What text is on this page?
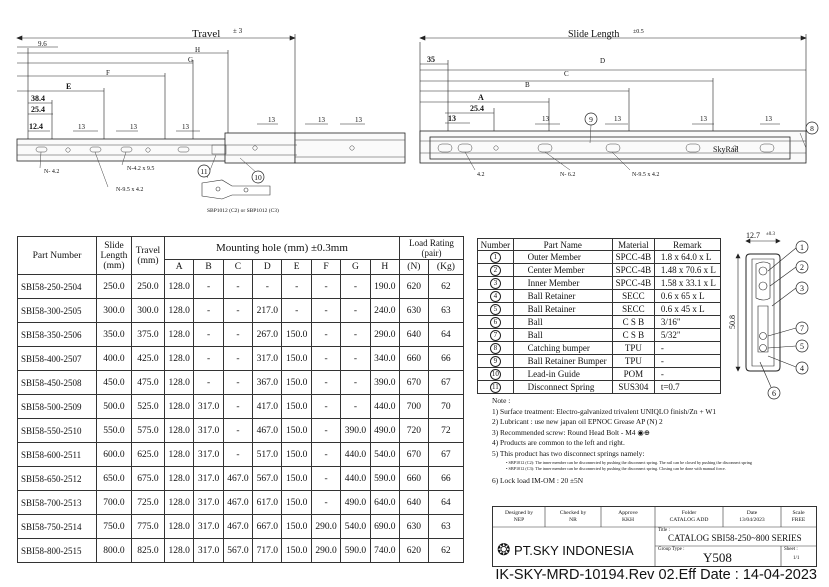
11
10
9
8
Travel ± 3	Slide Length ±0.5
9.6
H
G
F
E
38.4
25.4
12.4	13	13	13
13	13	13
35	D
C
B
A
25.4
13	13	13	13	13
N- 4.2
N-9.5 x 4.2
N-4.2 x 9.5
4.2	N- 6.2	N-9.5 x 4.2
SBP1012 (C2) or SBP1012 (C3)
SkyRail
1
2
3
7
5
4
6
12.7 ±0.3
50.8
Part Number	Slide Length (mm)	Travel (mm)	Mounting hole (mm) ±0.3mm								Load Rating (pair)	
			A	B	C	D	E	F	G	H	(N)	(Kg)
SBI58-250-2504	250.0	250.0	128.0	-	-	-	-	-	-	190.0	620	62
SBI58-300-2505	300.0	300.0	128.0	-	-	217.0	-	-	-	240.0	630	63
SBI58-350-2506	350.0	375.0	128.0	-	-	267.0	150.0	-	-	290.0	640	64
SBI58-400-2507	400.0	425.0	128.0	-	-	317.0	150.0	-	-	340.0	660	66
SBI58-450-2508	450.0	475.0	128.0	-	-	367.0	150.0	-	-	390.0	670	67
SBI58-500-2509	500.0	525.0	128.0	317.0	-	417.0	150.0	-	-	440.0	700	70
SBI58-550-2510	550.0	575.0	128.0	317.0	-	467.0	150.0	-	390.0	490.0	720	72
SBI58-600-2511	600.0	625.0	128.0	317.0	-	517.0	150.0	-	440.0	540.0	670	67
SBI58-650-2512	650.0	675.0	128.0	317.0	467.0	567.0	150.0	-	440.0	590.0	660	66
SBI58-700-2513	700.0	725.0	128.0	317.0	467.0	617.0	150.0	-	490.0	640.0	640	64
SBI58-750-2514	750.0	775.0	128.0	317.0	467.0	667.0	150.0	290.0	540.0	690.0	630	63
SBI58-800-2515	800.0	825.0	128.0	317.0	567.0	717.0	150.0	290.0	590.0	740.0	620	62
Number	Part Name	Material	Remark
1	Outer Member	SPCC-4B	1.8 x 64.0 x L
2	Center Member	SPCC-4B	1.48 x 70.6 x L
3	Inner Member	SPCC-4B	1.58 x 33.1 x L
4	Ball Retainer	SECC	0.6 x 65 x L
5	Ball Retainer	SECC	0.6 x 45 x L
6	Ball	C S B	3/16"
7	Ball	C S B	5/32"
8	Catching bumper	TPU	-
9	Ball Retainer Bumper	TPU	-
10	Lead-in Guide	POM	-
11	Disconnect Spring	SUS304	t=0.7
Note :
1) Surface treatment: Electro-galvanized trivalent UNIQLO finish/Zn + W1
2) Lubricant : use new japan oil EPNOC Grease AP (N) 2
3) Recommended screw: Round Head Bolt - M4 ◉⊕
4) Products are common to the left and right.
5) This product has two disconnect springs namely:
• SBP1012 (C2): The inner member can be disconnected by pushing the disconnect spring. The rail can be closed by pushing the disconnect spring
• SBP1012 (C3): The inner member can be disconnected by pushing the disconnect spring. Closing can be done with manual force.
6) Lock load IM-OM : 20 ±5N
Designed by
NEP
Checked by
NR
Approve
KKH
Folder
CATALOG ADD
Date
13/04/2023
Scale
FREE
❂ PT.SKY INDONESIA
Title :
CATALOG SBI58-250~800 SERIES
Group Type :
Y508
Sheet :
1/1
IK-SKY-MRD-10194.Rev 02.Eff Date : 14-04-2023
